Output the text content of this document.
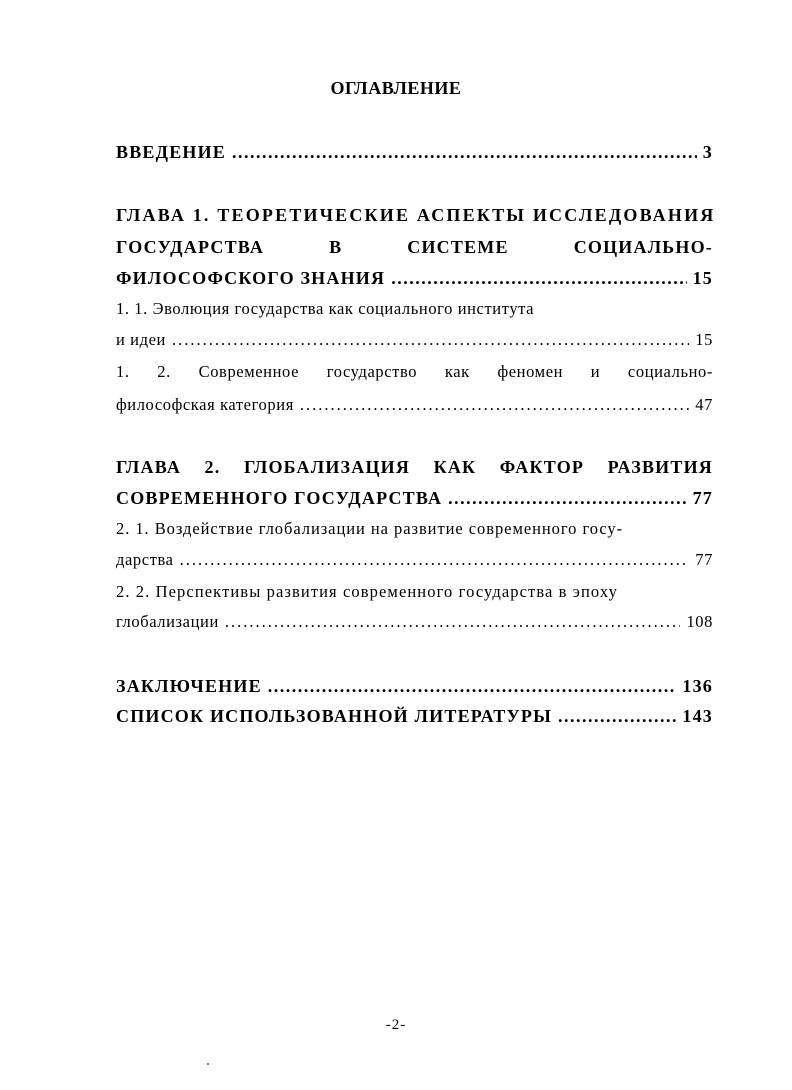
ОГЛАВЛЕНИЕ
ВВЕДЕНИЕ .....	3
ГЛАВА 1. ТЕОРЕТИЧЕСКИЕ АСПЕКТЫ ИССЛЕДОВАНИЯ
ГОСУДАРСТВА	В	СИСТЕМЕ	СОЦИАЛЬНО-
ФИЛОСОФСКОГО ЗНАНИЯ .....	15
1. 1. Эволюция государства как социального института
и идеи .....	15
1. 2. Современное государство как феномен и социально-
философская категория .....	47
ГЛАВА 2. ГЛОБАЛИЗАЦИЯ КАК ФАКТОР РАЗВИТИЯ
СОВРЕМЕННОГО ГОСУДАРСТВА .....	77
2. 1. Воздействие глобализации на развитие современного госу-
дарства .....	77
2. 2. Перспективы развития современного государства в эпоху
глобализации .....	108
ЗАКЛЮЧЕНИЕ .....	136
СПИСОК ИСПОЛЬЗОВАННОЙ ЛИТЕРАТУРЫ .....	143
-2-
